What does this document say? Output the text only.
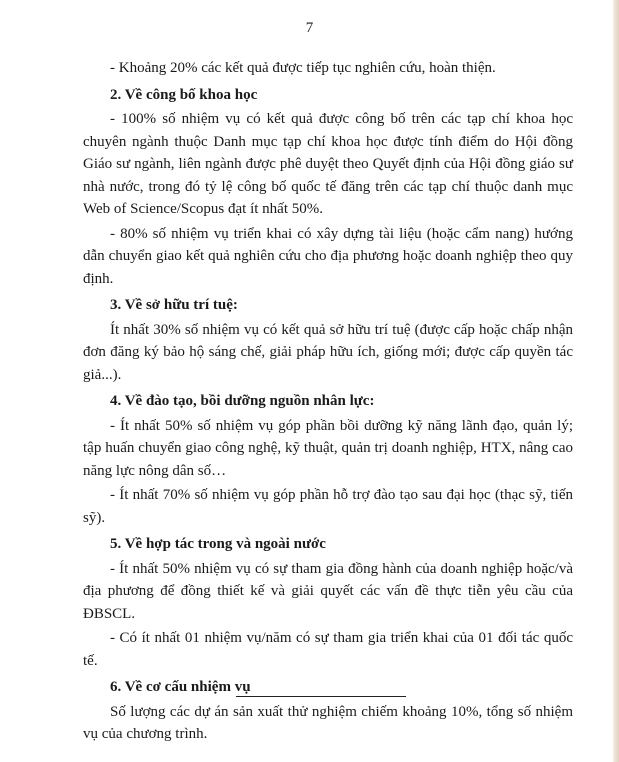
7
- Khoảng 20% các kết quả được tiếp tục nghiên cứu, hoàn thiện.
2. Về công bố khoa học
- 100% số nhiệm vụ có kết quả được công bố trên các tạp chí khoa học chuyên ngành thuộc Danh mục tạp chí khoa học được tính điểm do Hội đồng Giáo sư ngành, liên ngành được phê duyệt theo Quyết định của Hội đồng giáo sư nhà nước, trong đó tỷ lệ công bố quốc tế đăng trên các tạp chí thuộc danh mục Web of Science/Scopus đạt ít nhất 50%.
- 80% số nhiệm vụ triển khai có xây dựng tài liệu (hoặc cẩm nang) hướng dẫn chuyển giao kết quả nghiên cứu cho địa phương hoặc doanh nghiệp theo quy định.
3. Về sở hữu trí tuệ:
Ít nhất 30% số nhiệm vụ có kết quả sở hữu trí tuệ (được cấp hoặc chấp nhận đơn đăng ký bảo hộ sáng chế, giải pháp hữu ích, giống mới; được cấp quyền tác giả...).
4. Về đào tạo, bồi dưỡng nguồn nhân lực:
- Ít nhất 50% số nhiệm vụ góp phần bồi dưỡng kỹ năng lãnh đạo, quản lý; tập huấn chuyển giao công nghệ, kỹ thuật, quản trị doanh nghiệp, HTX, nâng cao năng lực nông dân số…
- Ít nhất 70% số nhiệm vụ góp phần hỗ trợ đào tạo sau đại học (thạc sỹ, tiến sỹ).
5. Về hợp tác trong và ngoài nước
- Ít nhất 50% nhiệm vụ có sự tham gia đồng hành của doanh nghiệp hoặc/và địa phương để đồng thiết kế và giải quyết các vấn đề thực tiễn yêu cầu của ĐBSCL.
- Có ít nhất 01 nhiệm vụ/năm có sự tham gia triển khai của 01 đối tác quốc tế.
6. Về cơ cấu nhiệm vụ
Số lượng các dự án sản xuất thử nghiệm chiếm khoảng 10%, tổng số nhiệm vụ của chương trình.
